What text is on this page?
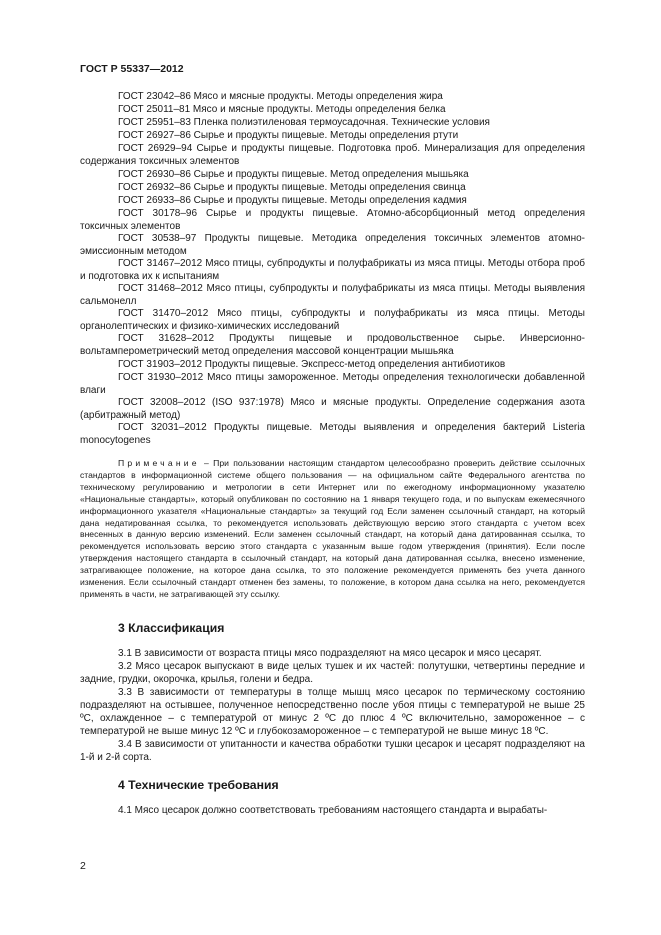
ГОСТ Р 55337—2012
ГОСТ 23042–86 Мясо и мясные продукты. Методы определения жира
ГОСТ 25011–81 Мясо и мясные продукты. Методы определения белка
ГОСТ 25951–83 Пленка полиэтиленовая термоусадочная. Технические условия
ГОСТ 26927–86 Сырье и продукты пищевые. Методы определения ртути
ГОСТ 26929–94 Сырье и продукты пищевые. Подготовка проб. Минерализация для определения содержания токсичных элементов
ГОСТ 26930–86 Сырье и продукты пищевые. Метод определения мышьяка
ГОСТ 26932–86 Сырье и продукты пищевые. Методы определения свинца
ГОСТ 26933–86 Сырье и продукты пищевые. Методы определения кадмия
ГОСТ 30178–96 Сырье и продукты пищевые. Атомно-абсорбционный метод определения токсичных элементов
ГОСТ 30538–97 Продукты пищевые. Методика определения токсичных элементов атомно-эмиссионным методом
ГОСТ 31467–2012 Мясо птицы, субпродукты и полуфабрикаты из мяса птицы. Методы отбора проб и подготовка их к испытаниям
ГОСТ 31468–2012 Мясо птицы, субпродукты и полуфабрикаты из мяса птицы. Методы выявления сальмонелл
ГОСТ 31470–2012 Мясо птицы, субпродукты и полуфабрикаты из мяса птицы. Методы органолептических и физико-химических исследований
ГОСТ 31628–2012 Продукты пищевые и продовольственное сырье. Инверсионно-вольтамперометрический метод определения массовой концентрации мышьяка
ГОСТ 31903–2012 Продукты пищевые. Экспресс-метод определения антибиотиков
ГОСТ 31930–2012 Мясо птицы замороженное. Методы определения технологически добавленной влаги
ГОСТ 32008–2012 (ISO 937:1978) Мясо и мясные продукты. Определение содержания азота (арбитражный метод)
ГОСТ 32031–2012 Продукты пищевые. Методы выявления и определения бактерий Listeria monocytogenes
Примечание – При пользовании настоящим стандартом целесообразно проверить действие ссылочных стандартов в информационной системе общего пользования — на официальном сайте Федерального агентства по техническому регулированию и метрологии в сети Интернет или по ежегодному информационному указателю «Национальные стандарты», который опубликован по состоянию на 1 января текущего года, и по выпускам ежемесячного информационного указателя «Национальные стандарты» за текущий год Если заменен ссылочный стандарт, на который дана недатированная ссылка, то рекомендуется использовать действующую версию этого стандарта с учетом всех внесенных в данную версию изменений. Если заменен ссылочный стандарт, на который дана датированная ссылка, то рекомендуется использовать версию этого стандарта с указанным выше годом утверждения (принятия). Если после утверждения настоящего стандарта в ссылочный стандарт, на который дана датированная ссылка, внесено изменение, затрагивающее положение, на которое дана ссылка, то это положение рекомендуется применять без учета данного изменения. Если ссылочный стандарт отменен без замены, то положение, в котором дана ссылка на него, рекомендуется применять в части, не затрагивающей эту ссылку.
3 Классификация
3.1 В зависимости от возраста птицы мясо подразделяют на мясо цесарок и мясо цесарят.
3.2 Мясо цесарок выпускают в виде целых тушек и их частей: полутушки, четвертины передние и задние, грудки, окорочка, крылья, голени и бедра.
3.3 В зависимости от температуры в толще мышц мясо цесарок по термическому состоянию подразделяют на остывшее, полученное непосредственно после убоя птицы с температурой не выше 25 ºС, охлажденное – с температурой от минус 2 ºС до плюс 4 ºС включительно, замороженное – с температурой не выше минус 12 ºС и глубокозамороженное – с температурой не выше минус 18 ºС.
3.4 В зависимости от упитанности и качества обработки тушки цесарок и цесарят подразделяют на 1-й и 2-й сорта.
4 Технические требования
4.1 Мясо цесарок должно соответствовать требованиям настоящего стандарта и вырабаты-
2
